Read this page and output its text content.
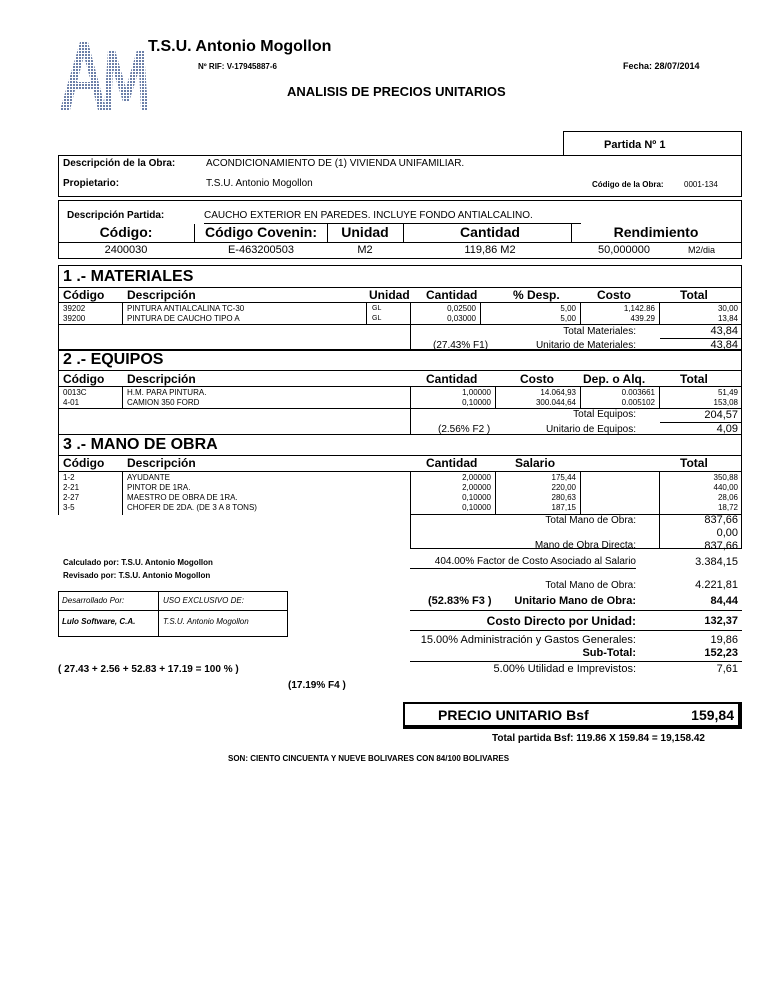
T.S.U. Antonio Mogollon
Nº RIF: V-17945887-6	Fecha: 28/07/2014
ANALISIS DE PRECIOS UNITARIOS
Partida Nº 1
Descripción de la Obra:	ACONDICIONAMIENTO DE (1) VIVIENDA UNIFAMILIAR.
Propietario:	T.S.U. Antonio Mogollon	Código de la Obra:	0001-134
Descripción Partida:	CAUCHO EXTERIOR EN PAREDES. INCLUYE FONDO ANTIALCALINO.
Código:	Código Covenin:	Unidad	Cantidad	Rendimiento
2400030	E-463200503	M2	119,86 M2	50,000000	M2/dia
1 .- MATERIALES
Código Descripción	Unidad Cantidad	% Desp.	Costo	Total
39202	PINTURA ANTIALCALINA TC-30	GL	0,02500	5,00	1,142.86	30,00
39200	PINTURA DE CAUCHO TIPO A	GL	0,03000	5,00	439.29	13,84
Total Materiales:	43,84
(27.43% F1)	Unitario de Materiales:	43,84
2 .- EQUIPOS
Código Descripción	Cantidad	Costo Dep. o Alq.	Total
0013C	H.M. PARA PINTURA.	1,00000	14.064,93	0.003661	51,49
4-01	CAMION 350 FORD	0,10000	300.044,64	0.005102	153,08
Total Equipos:	204,57
(2.56% F2 )	Unitario de Equipos:	4,09
3 .- MANO DE OBRA
Código Descripción	Cantidad	Salario	Total
1-2	AYUDANTE	2,00000	175,44	350,88
2-21	PINTOR DE 1RA.	2,00000	220,00	440,00
2-27	MAESTRO DE OBRA DE 1RA.	0,10000	280,63	28,06
3-5	CHOFER DE 2DA. (DE 3 A 8 TONS)	0,10000	187,15	18,72
Total Mano de Obra:	837,66
0,00
Mano de Obra Directa:	837,66
404.00% Factor de Costo Asociado al Salario	3.384,15
Total Mano de Obra:	4.221,81
(52.83% F3 )	Unitario Mano de Obra:	84,44
Calculado por: T.S.U. Antonio Mogollon
Revisado por: T.S.U. Antonio Mogollon
Desarrollado Por:	USO EXCLUSIVO DE:
Lulo Software, C.A.	T.S.U. Antonio Mogollon	Costo Directo por Unidad:	132,37
15.00% Administración y Gastos Generales:	19,86
Sub-Total:	152,23
( 27.43 + 2.56 + 52.83 + 17.19 = 100 % )	5.00% Utilidad e Imprevistos:	7,61
(17.19% F4 )
PRECIO UNITARIO Bsf	159,84
Total partida Bsf: 119.86 X 159.84 = 19,158.42
SON: CIENTO CINCUENTA Y NUEVE BOLIVARES CON 84/100 BOLIVARES
